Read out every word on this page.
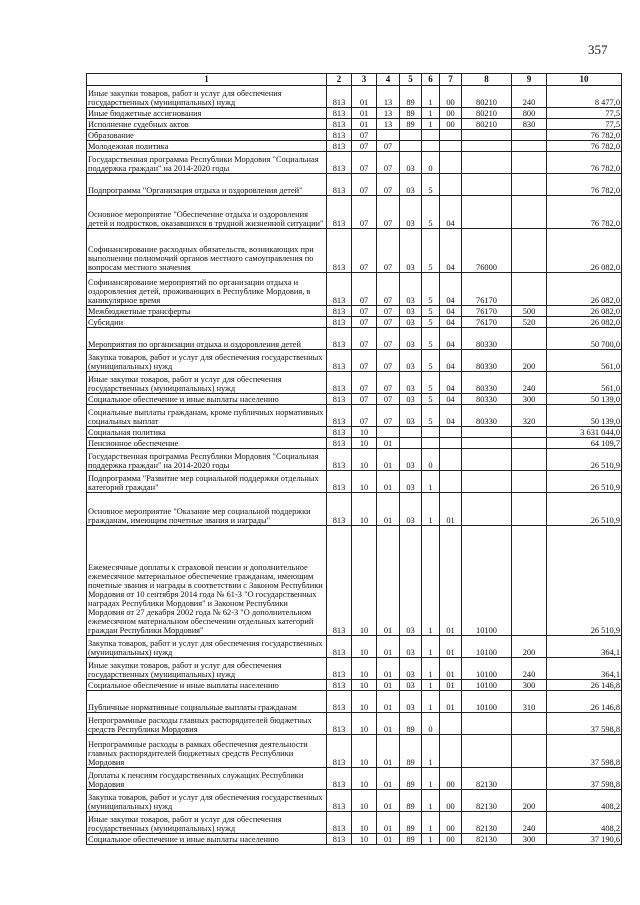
357
1	2	3	4	5	6	7	8	9	10
Иные закупки товаров, работ и услуг для обеспечения государственных (муниципальных) нужд	813	01	13	89	1	00	80210	240	8 477,0
Иные бюджетные ассигнования	813	01	13	89	1	00	80210	800	77,5
Исполнение судебных актов	813	01	13	89	1	00	80210	830	77,5
Образование	813	07							76 782,0
Молодежная политика	813	07	07						76 782,0
Государственная программа Республики Мордовия "Социальная поддержка граждан" на 2014-2020 годы	813	07	07	03	0				76 782,0
Подпрограмма "Организация отдыха и оздоровления детей"	813	07	07	03	5				76 782,0
Основное мероприятие "Обеспечение отдыха и оздоровления детей и подростков, оказавшихся в трудной жизненной ситуации"	813	07	07	03	5	04			76 782,0
Софинансирование расходных обязательств, возникающих при выполнении полномочий органов местного самоуправления по вопросам местного значения	813	07	07	03	5	04	76000		26 082,0
Софинансирование мероприятий по организации отдыха и оздоровления детей, проживающих в Республике Мордовия, в каникулярное время	813	07	07	03	5	04	76170		26 082,0
Межбюджетные трансферты	813	07	07	03	5	04	76170	500	26 082,0
Субсидии	813	07	07	03	5	04	76170	520	26 082,0
Мероприятия по организации отдыха и оздоровления детей	813	07	07	03	5	04	80330		50 700,0
Закупка товаров, работ и услуг для обеспечения государственных (муниципальных) нужд	813	07	07	03	5	04	80330	200	561,0
Иные закупки товаров, работ и услуг для обеспечения государственных (муниципальных) нужд	813	07	07	03	5	04	80330	240	561,0
Социальное обеспечение и иные выплаты населению	813	07	07	03	5	04	80330	300	50 139,0
Социальные выплаты гражданам, кроме публичных нормативных социальных выплат	813	07	07	03	5	04	80330	320	50 139,0
Социальная политика	813	10							3 631 044,0
Пенсионное обеспечение	813	10	01						64 109,7
Государственная программа Республики Мордовия "Социальная поддержка граждан" на 2014-2020 годы	813	10	01	03	0				26 510,9
Подпрограмма "Развитие мер социальной поддержки отдельных категорий граждан"	813	10	01	03	1				26 510,9
Основное мероприятие "Оказание мер социальной поддержки гражданам, имеющим почетные звания и награды"	813	10	01	03	1	01			26 510,9
Ежемесячные доплаты к страховой пенсии и дополнительное ежемесячное материальное обеспечение гражданам, имеющим почетные звания и награды в соответствии с Законом Республики Мордовия от 10 сентября 2014 года № 61-З "О государственных наградах Республики Мордовия" и Законом Республики Мордовия от 27 декабря 2002 года № 62-З "О дополнительном ежемесячном материальном обеспечении отдельных категорий граждан Республики Мордовия"	813	10	01	03	1	01	10100		26 510,9
Закупка товаров, работ и услуг для обеспечения государственных (муниципальных) нужд	813	10	01	03	1	01	10100	200	364,1
Иные закупки товаров, работ и услуг для обеспечения государственных (муниципальных) нужд	813	10	01	03	1	01	10100	240	364,1
Социальное обеспечение и иные выплаты населению	813	10	01	03	1	01	10100	300	26 146,8
Публичные нормативные социальные выплаты гражданам	813	10	01	03	1	01	10100	310	26 146,8
Непрограммные расходы главных распорядителей бюджетных средств Республики Мордовия	813	10	01	89	0				37 598,8
Непрограммные расходы в рамках обеспечения деятельности главных распорядителей бюджетных средств Республики Мордовия	813	10	01	89	1				37 598,8
Доплаты к пенсиям государственных служащих Республики Мордовия	813	10	01	89	1	00	82130		37 598,8
Закупка товаров, работ и услуг для обеспечения государственных (муниципальных) нужд	813	10	01	89	1	00	82130	200	408,2
Иные закупки товаров, работ и услуг для обеспечения государственных (муниципальных) нужд	813	10	01	89	1	00	82130	240	408,2
Социальное обеспечение и иные выплаты населению	813	10	01	89	1	00	82130	300	37 190,6
